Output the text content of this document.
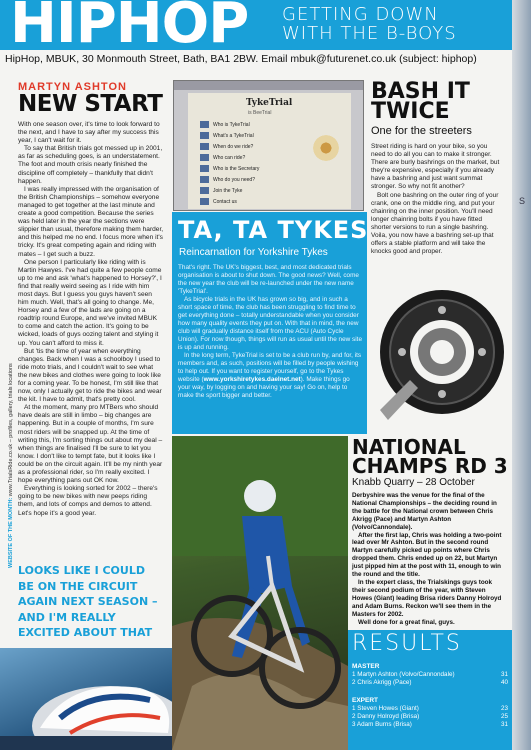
HIPHOP GETTING DOWN
WITH THE B-BOYS
HipHop, MBUK, 30 Monmouth Street, Bath, BA1 2BW. Email mbuk@futurenet.co.uk (subject: hiphop)
WEBSITE OF THE MONTH: www.TrialsRide.co.uk – profiles, gallery, trials locations
MARTYN ASHTON
NEW START

With one season over, it's time to look forward to the next, and I have to say after my success this year, I can't wait for it.

To say that British trials got messed up in 2001, as far as scheduling goes, is an understatement. The foot and mouth crisis nearly finished the discipline off completely – thankfully that didn't happen.

I was really impressed with the organisation of the British Championships – somehow everyone managed to get together at the last minute and create a good competition. Because the series was held later in the year the sections were slippier than usual, therefore making them harder, and this helped me no end. I focus more when it's tricky. It's great competing again and riding with mates – I get such a buzz.

One person I particularly like riding with is Martin Hawyes. I've had quite a few people come up to me and ask 'what's happened to Horsey?', I find that really weird seeing as I ride with him most days. But I guess you guys haven't seen him much. Well, that's all going to change. Me, Horsey and a few of the lads are going on a roadtrip round Europe, and we've invited MBUK to come and catch the action. It's going to be wicked, loads of guys oozing talent and styling it up. You can't afford to miss it.

But 'tis the time of year when everything changes. Back when I was a schoolboy I used to ride moto trials, and I couldn't wait to see what the new bikes and clothes were going to look like for a coming year. To be honest, I'm still like that now, only I actually get to ride the bikes and wear the kit. I have to admit, that's pretty cool.

At the moment, many pro MTBers who should have deals are still in limbo – big changes are happening. But in a couple of months, I'm sure most riders will be snapped up. At the time of writing this, I'm sorting things out about my deal – when things are finalised I'll be sure to let you know. I don't like to tempt fate, but it looks like I could be on the circuit again. It'll be my ninth year as a professional rider, so I'm really excited. I hope everything pans out OK now.

Everything is looking sorted for 2002 – there's going to be new bikes with new peeps riding them, and lots of comps and demos to attend. Let's hope it's a good year.

LOOKS LIKE I COULD BE ON THE CIRCUIT AGAIN NEXT SEASON – AND I'M REALLY EXCITED ABOUT THAT
TykeTrial
is BeeTrial
Who is TykeTrial
What's a TykeTrial
When do we ride?
Who can ride?
Who is the Secretary
Who do you need?
Join the Tyke
Contact us
TA, TA TYKES
Reincarnation for Yorkshire Tykes

That's right. The UK's biggest, best, and most dedicated trials organisation is about to shut down. The good news? Well, come the new year the club will be re-launched under the new name 'TykeTrial'.

As bicycle trials in the UK has grown so big, and in such a short space of time, the club has been struggling to find time to get everything done – totally understandable when you consider how many quality events they put on. With that in mind, the new club will gradually distance itself from the ACU (Auto Cycle Union). For now though, things will run as usual until the new site is up and running.

In the long term, TykeTrial is set to be a club run by, and for, its members and, as such, positions will be filled by people wishing to help out. If you want to register yourself, go to the Tykes website (www.yorkshiretykes.daelnet.net). Make things go your way, by logging on and having your say! Go on, help to make the sport bigger and better.

BASH IT
TWICE
One for the streeters

Street riding is hard on your bike, so you need to do all you can to make it stronger. There are burly bashrings on the market, but they're expensive, especially if you already have a bashring and just want summat stronger. So why not fit another?

Bolt one bashring on the outer ring of your crank, one on the middle ring, and put your chainring on the inner position. You'll need longer chainring bolts if you have fitted shorter versions to run a single bashring. Voila, you now have a bashring set-up that offers a stable platform and will take the knocks good and proper.

S
NATIONAL
CHAMPS RD 3
Knabb Quarry – 28 October

Derbyshire was the venue for the final of the National Championships – the deciding round in the battle for the National crown between Chris Akrigg (Pace) and Martyn Ashton (Volvo/Cannondale).

After the first lap, Chris was holding a two-point lead over Mr Ashton. But in the second round Martyn carefully picked up points where Chris dropped them. Chris ended up on 22, but Martyn just pipped him at the post with 11, enough to win the round and the title.

In the expert class, the Trialskings guys took their second podium of the year, with Steven Howes (Giant) leading Brisa riders Danny Holroyd and Adam Burns. Reckon we'll see them in the Masters for 2002.

Well done for a great final, guys.

RESULTS
MASTER
1 Martyn Ashton (Volvo/Cannondale)	31
2 Chris Akrigg (Pace)	40
EXPERT
1 Steven Howes (Giant)	23
2 Danny Holroyd (Brisa)	25
3 Adam Burns (Brisa)	31
